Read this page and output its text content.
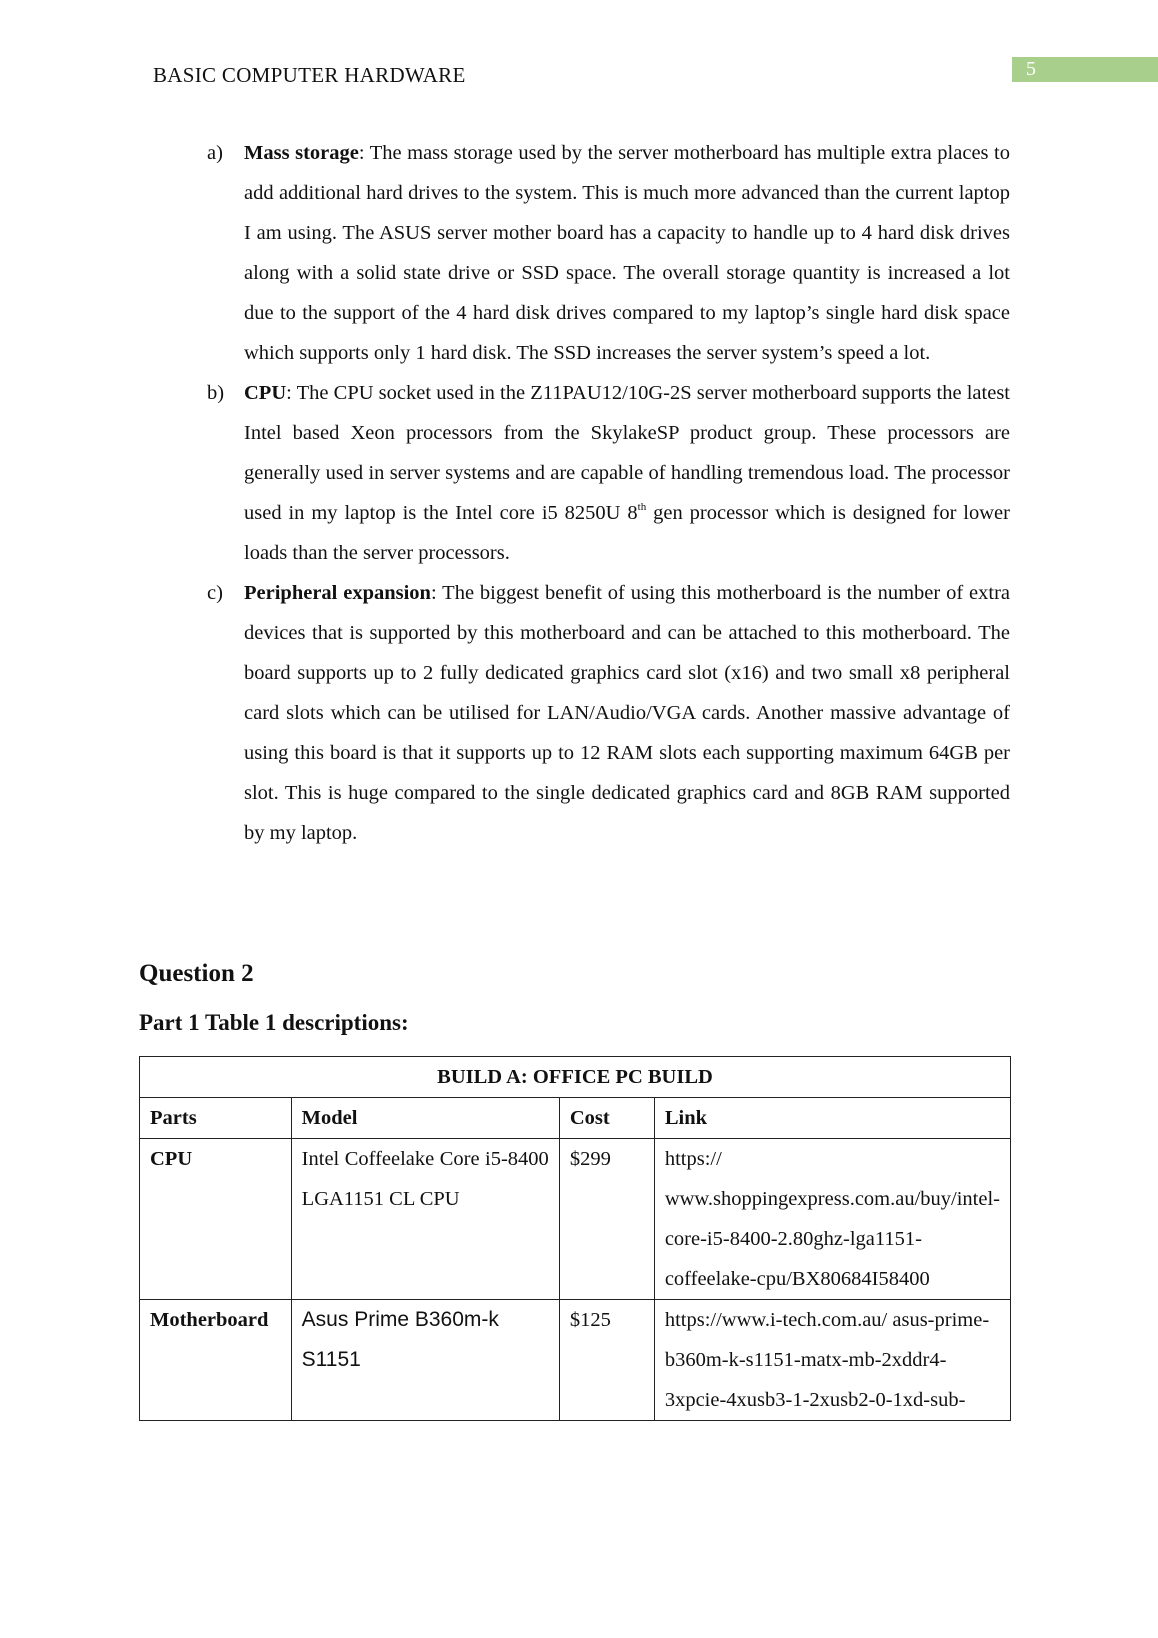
BASIC COMPUTER HARDWARE	5
a) Mass storage: The mass storage used by the server motherboard has multiple extra places to add additional hard drives to the system. This is much more advanced than the current laptop I am using. The ASUS server mother board has a capacity to handle up to 4 hard disk drives along with a solid state drive or SSD space. The overall storage quantity is increased a lot due to the support of the 4 hard disk drives compared to my laptop’s single hard disk space which supports only 1 hard disk. The SSD increases the server system’s speed a lot.
b) CPU: The CPU socket used in the Z11PAU12/10G-2S server motherboard supports the latest Intel based Xeon processors from the SkylakeSP product group. These processors are generally used in server systems and are capable of handling tremendous load. The processor used in my laptop is the Intel core i5 8250U 8th gen processor which is designed for lower loads than the server processors.
c) Peripheral expansion: The biggest benefit of using this motherboard is the number of extra devices that is supported by this motherboard and can be attached to this motherboard. The board supports up to 2 fully dedicated graphics card slot (x16) and two small x8 peripheral card slots which can be utilised for LAN/Audio/VGA cards. Another massive advantage of using this board is that it supports up to 12 RAM slots each supporting maximum 64GB per slot. This is huge compared to the single dedicated graphics card and 8GB RAM supported by my laptop.
Question 2
Part 1 Table 1 descriptions:
BUILD A: OFFICE PC BUILD			
Parts	Model	Cost	Link
CPU	Intel Coffeelake Core i5-8400 LGA1151 CL CPU	$299	https:// www.shoppingexpress.com.au/buy/intel-core-i5-8400-2.80ghz-lga1151-coffeelake-cpu/BX80684I58400
Motherboard	Asus Prime B360m-k S1151	$125	https://www.i-tech.com.au/ asus-prime-b360m-k-s1151-matx-mb-2xddr4-3xpcie-4xusb3-1-2xusb2-0-1xd-sub-
